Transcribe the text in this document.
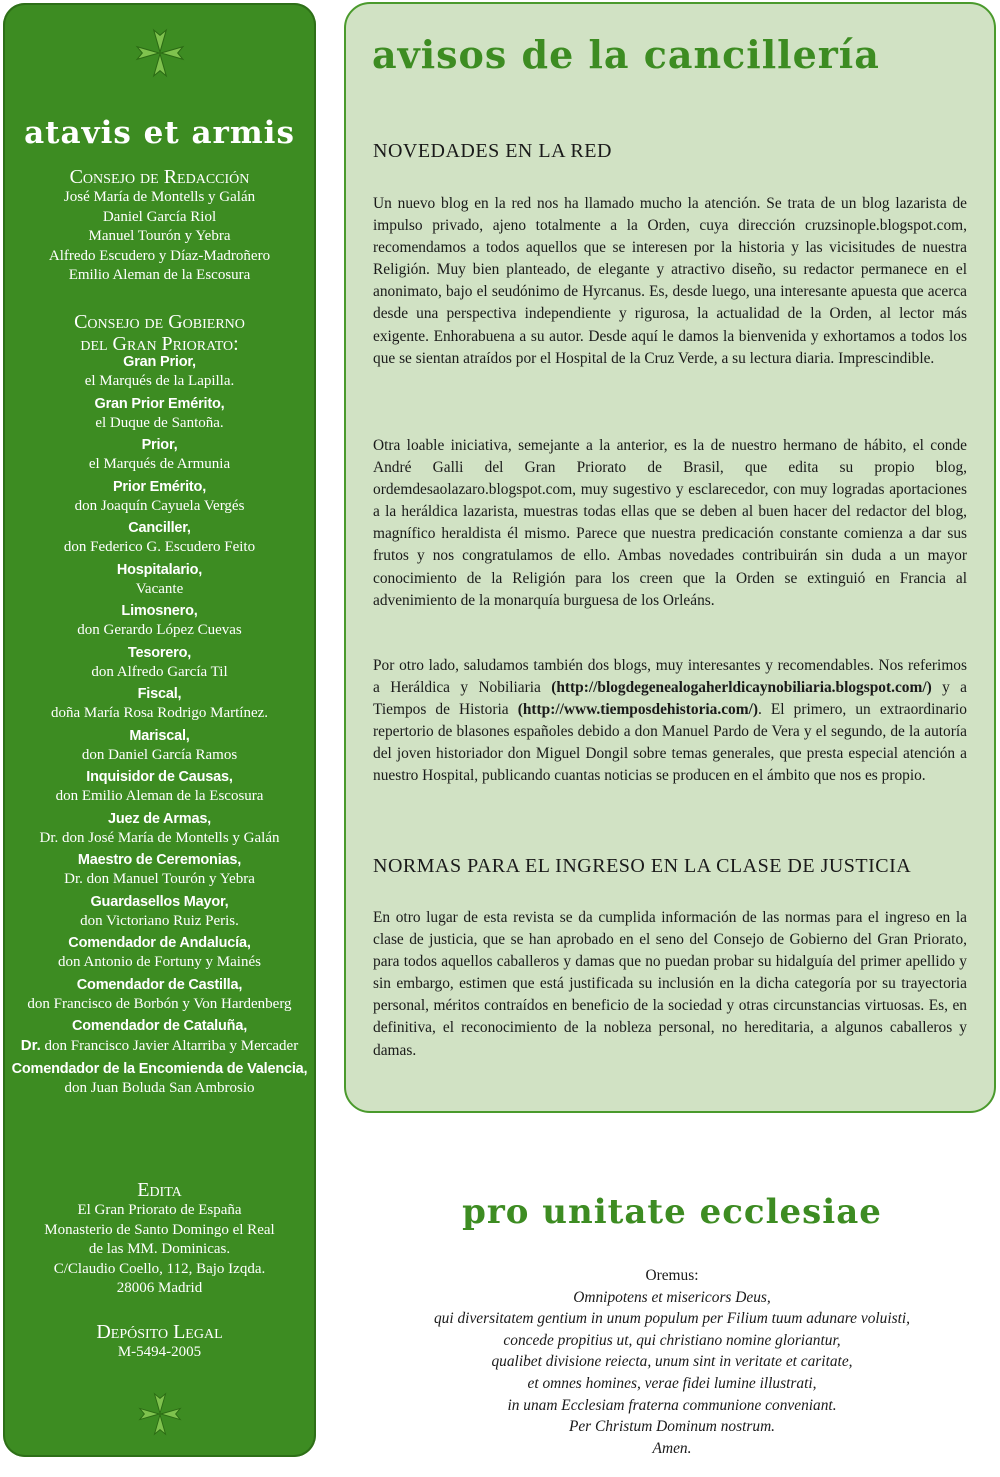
atavis et armis
Consejo de Redacción
José María de Montells y Galán
Daniel García Riol
Manuel Tourón y Yebra
Alfredo Escudero y Díaz-Madroñero
Emilio Aleman de la Escosura
Consejo de Gobierno
del Gran Priorato:
Gran Prior,
el Marqués de la Lapilla.
Gran Prior Emérito,
el Duque de Santoña.
Prior,
el Marqués de Armunia
Prior Emérito,
don Joaquín Cayuela Vergés
Canciller,
don Federico G. Escudero Feito
Hospitalario,
Vacante
Limosnero,
don Gerardo López Cuevas
Tesorero,
don Alfredo García Til
Fiscal,
doña María Rosa Rodrigo Martínez.
Mariscal,
don Daniel García Ramos
Inquisidor de Causas,
don Emilio Aleman de la Escosura
Juez de Armas,
Dr. don José María de Montells y Galán
Maestro de Ceremonias,
Dr. don Manuel Tourón y Yebra
Guardasellos Mayor,
don Victoriano Ruiz Peris.
Comendador de Andalucía,
don Antonio de Fortuny y Mainés
Comendador de Castilla,
don Francisco de Borbón y Von Hardenberg
Comendador de Cataluña,
Dr. don Francisco Javier Altarriba y Mercader
Comendador de la Encomienda de Valencia,
don Juan Boluda San Ambrosio
Edita
El Gran Priorato de España
Monasterio de Santo Domingo el Real
de las MM. Dominicas.
C/Claudio Coello, 112, Bajo Izqda.
28006 Madrid
Depósito Legal
M-5494-2005
avisos de la cancillería
NOVEDADES EN LA RED
Un nuevo blog en la red nos ha llamado mucho la atención. Se trata de un blog lazarista de impulso privado, ajeno totalmente a la Orden, cuya dirección cruzsinople.blogspot.com, recomendamos a todos aquellos que se interesen por la historia y las vicisitudes de nuestra Religión. Muy bien planteado, de elegante y atractivo diseño, su redactor permanece en el anonimato, bajo el seudónimo de Hyrcanus. Es, desde luego, una interesante apuesta que acerca desde una perspectiva independiente y rigurosa, la actualidad de la Orden, al lector más exigente. Enhorabuena a su autor. Desde aquí le damos la bienvenida y exhortamos a todos los que se sientan atraídos por el Hospital de la Cruz Verde, a su lectura diaria. Imprescindible.
Otra loable iniciativa, semejante a la anterior, es la de nuestro hermano de hábito, el conde André Galli del Gran Priorato de Brasil, que edita su propio blog, ordemdesaolazaro.blogspot.com, muy sugestivo y esclarecedor, con muy logradas aportaciones a la heráldica lazarista, muestras todas ellas que se deben al buen hacer del redactor del blog, magnífico heraldista él mismo. Parece que nuestra predicación constante comienza a dar sus frutos y nos congratulamos de ello. Ambas novedades contribuirán sin duda a un mayor conocimiento de la Religión para los creen que la Orden se extinguió en Francia al advenimiento de la monarquía burguesa de los Orleáns.
Por otro lado, saludamos también dos blogs, muy interesantes y recomendables. Nos referimos a Heráldica y Nobiliaria (http://blogdegenealogaherldicaynobiliaria.blogspot.com/) y a Tiempos de Historia (http://www.tiemposdehistoria.com/). El primero, un extraordinario repertorio de blasones españoles debido a don Manuel Pardo de Vera y el segundo, de la autoría del joven historiador don Miguel Dongil sobre temas generales, que presta especial atención a nuestro Hospital, publicando cuantas noticias se producen en el ámbito que nos es propio.
NORMAS PARA EL INGRESO EN LA CLASE DE JUSTICIA
En otro lugar de esta revista se da cumplida información de las normas para el ingreso en la clase de justicia, que se han aprobado en el seno del Consejo de Gobierno del Gran Priorato, para todos aquellos caballeros y damas que no puedan probar su hidalguía del primer apellido y sin embargo, estimen que está justificada su inclusión en la dicha categoría por su trayectoria personal, méritos contraídos en beneficio de la sociedad y otras circunstancias virtuosas. Es, en definitiva, el reconocimiento de la nobleza personal, no hereditaria, a algunos caballeros y damas.
pro unitate ecclesiae
Oremus:
Omnipotens et misericors Deus,
qui diversitatem gentium in unum populum per Filium tuum adunare voluisti,
concede propitius ut, qui christiano nomine gloriantur,
qualibet divisione reiecta, unum sint in veritate et caritate,
et omnes homines, verae fidei lumine illustrati,
in unam Ecclesiam fraterna communione conveniant.
Per Christum Dominum nostrum.
Amen.
